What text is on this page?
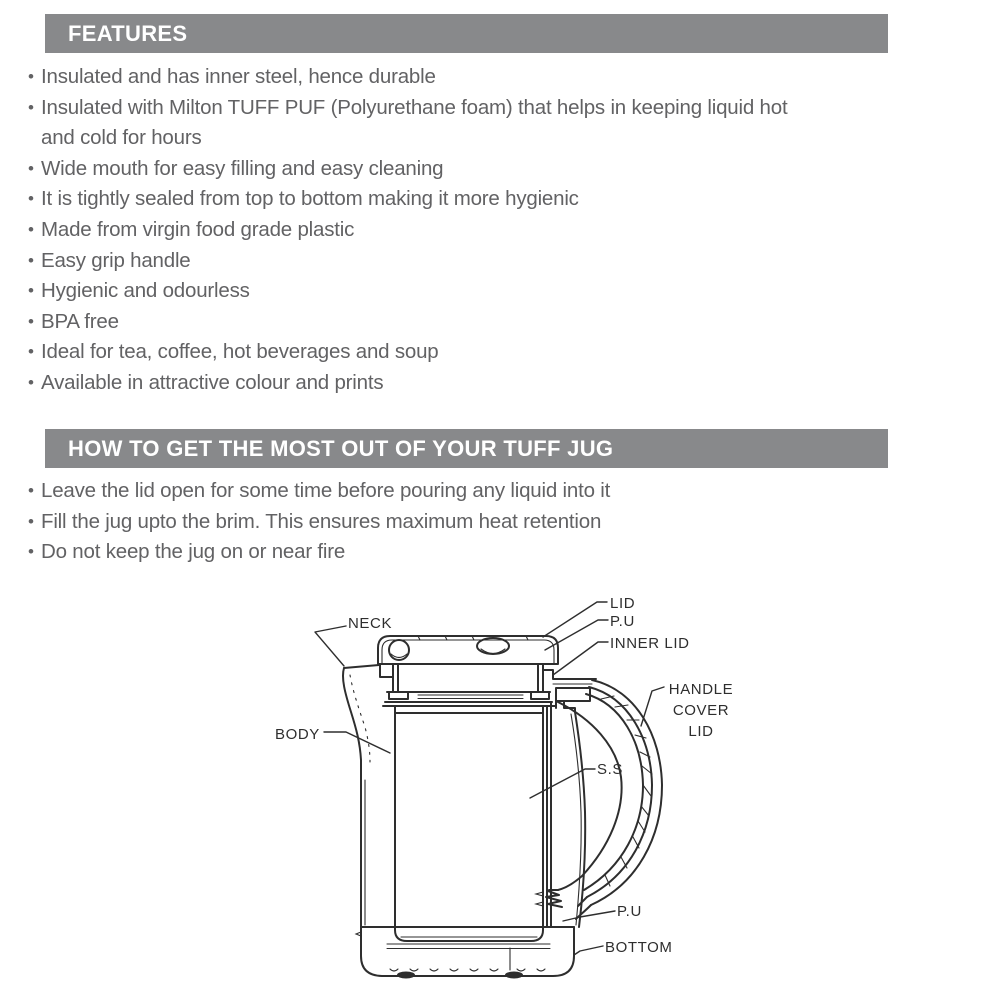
FEATURES
• Insulated and has inner steel, hence durable
• Insulated with Milton TUFF PUF (Polyurethane foam) that helps in keeping liquid hot and cold for hours
• Wide mouth for easy filling and easy cleaning
• It is tightly sealed from top to bottom making it more hygienic
• Made from virgin food grade plastic
• Easy grip handle
• Hygienic and odourless
• BPA free
• Ideal for tea, coffee, hot beverages and soup
• Available in attractive colour and prints
HOW TO GET THE MOST OUT OF YOUR TUFF JUG
• Leave the lid open for some time before pouring any liquid into it
• Fill the jug upto the brim. This ensures maximum heat retention
• Do not keep the jug on or near fire
NECK
LID
P.U
INNER LID
HANDLE
COVER
LID
BODY
S.S
P.U
BOTTOM
